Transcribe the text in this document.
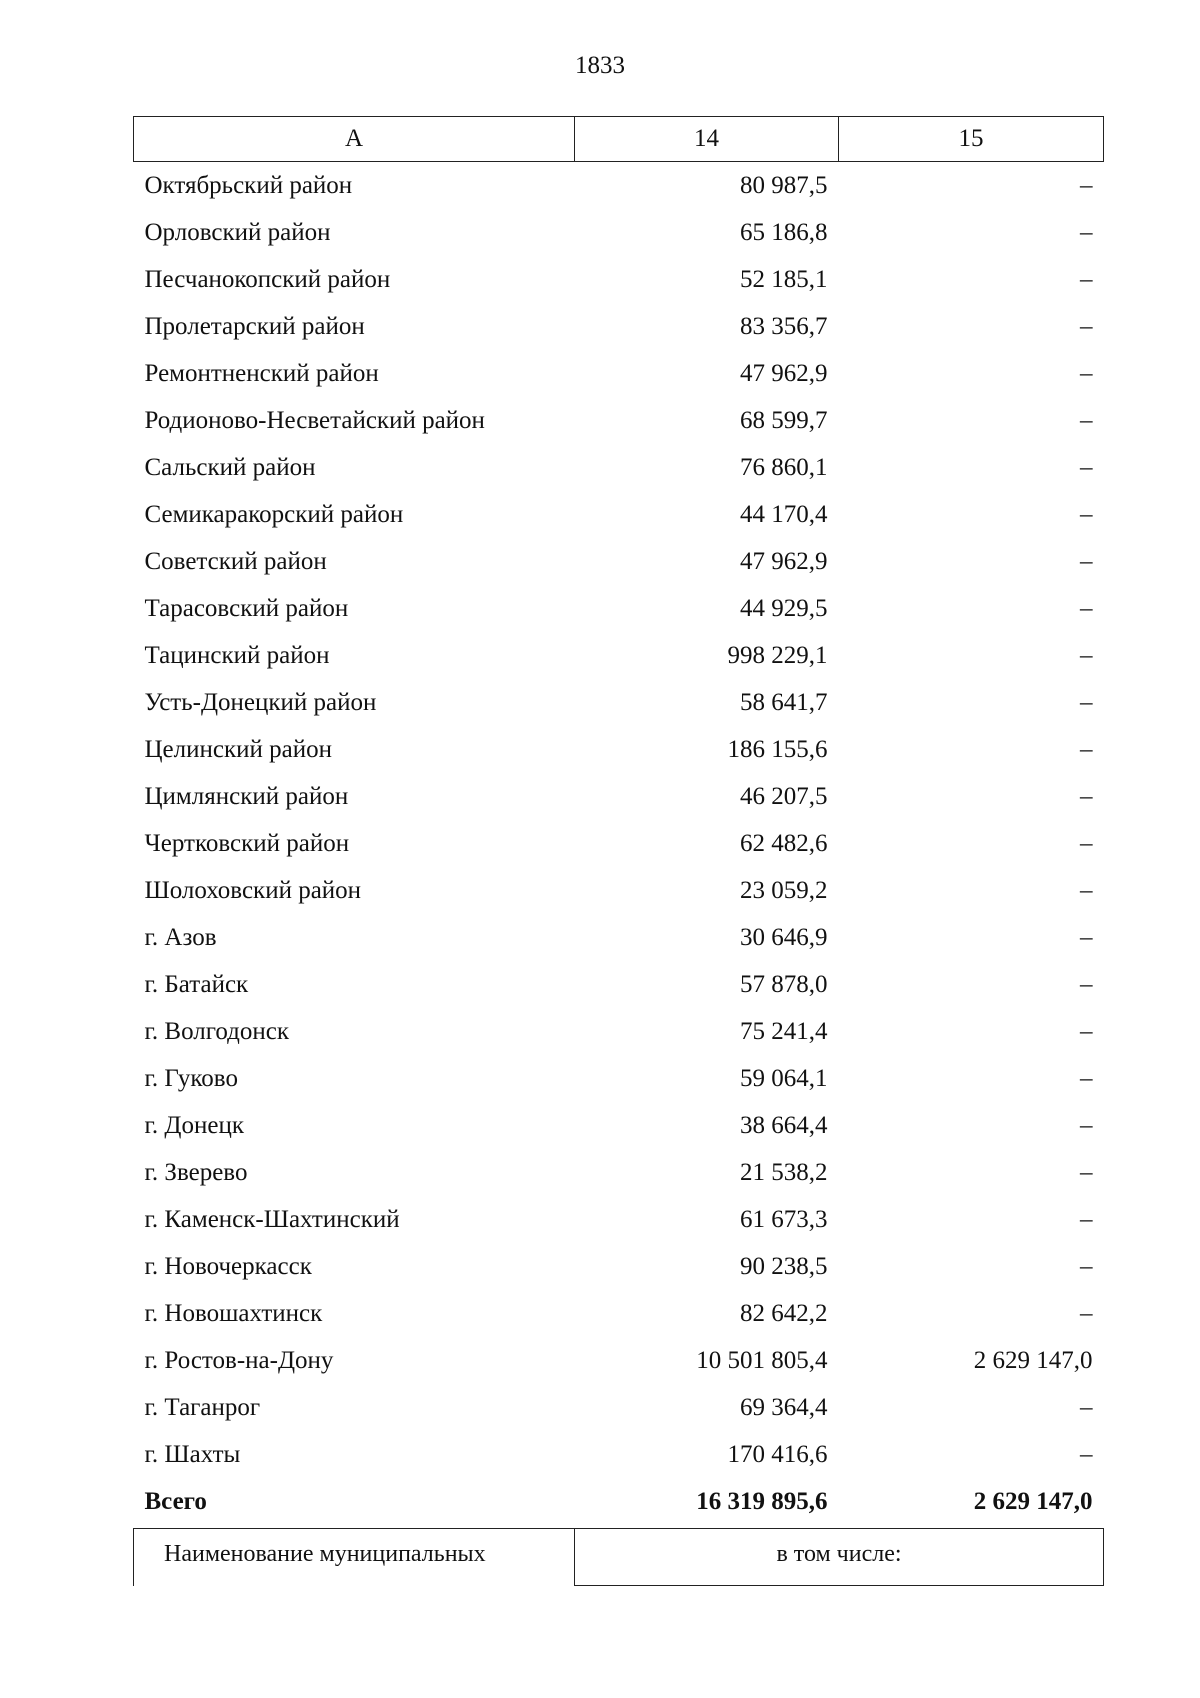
1833
А	14	15
Октябрьский район	80 987,5	–
Орловский район	65 186,8	–
Песчанокопский район	52 185,1	–
Пролетарский район	83 356,7	–
Ремонтненский район	47 962,9	–
Родионово-Несветайский район	68 599,7	–
Сальский район	76 860,1	–
Семикаракорский район	44 170,4	–
Советский район	47 962,9	–
Тарасовский район	44 929,5	–
Тацинский район	998 229,1	–
Усть-Донецкий район	58 641,7	–
Целинский район	186 155,6	–
Цимлянский район	46 207,5	–
Чертковский район	62 482,6	–
Шолоховский район	23 059,2	–
г. Азов	30 646,9	–
г. Батайск	57 878,0	–
г. Волгодонск	75 241,4	–
г. Гуково	59 064,1	–
г. Донецк	38 664,4	–
г. Зверево	21 538,2	–
г. Каменск-Шахтинский	61 673,3	–
г. Новочеркасск	90 238,5	–
г. Новошахтинск	82 642,2	–
г. Ростов-на-Дону	10 501 805,4	2 629 147,0
г. Таганрог	69 364,4	–
г. Шахты	170 416,6	–
Всего	16 319 895,6	2 629 147,0

Наименование муниципальных	в том числе:	
